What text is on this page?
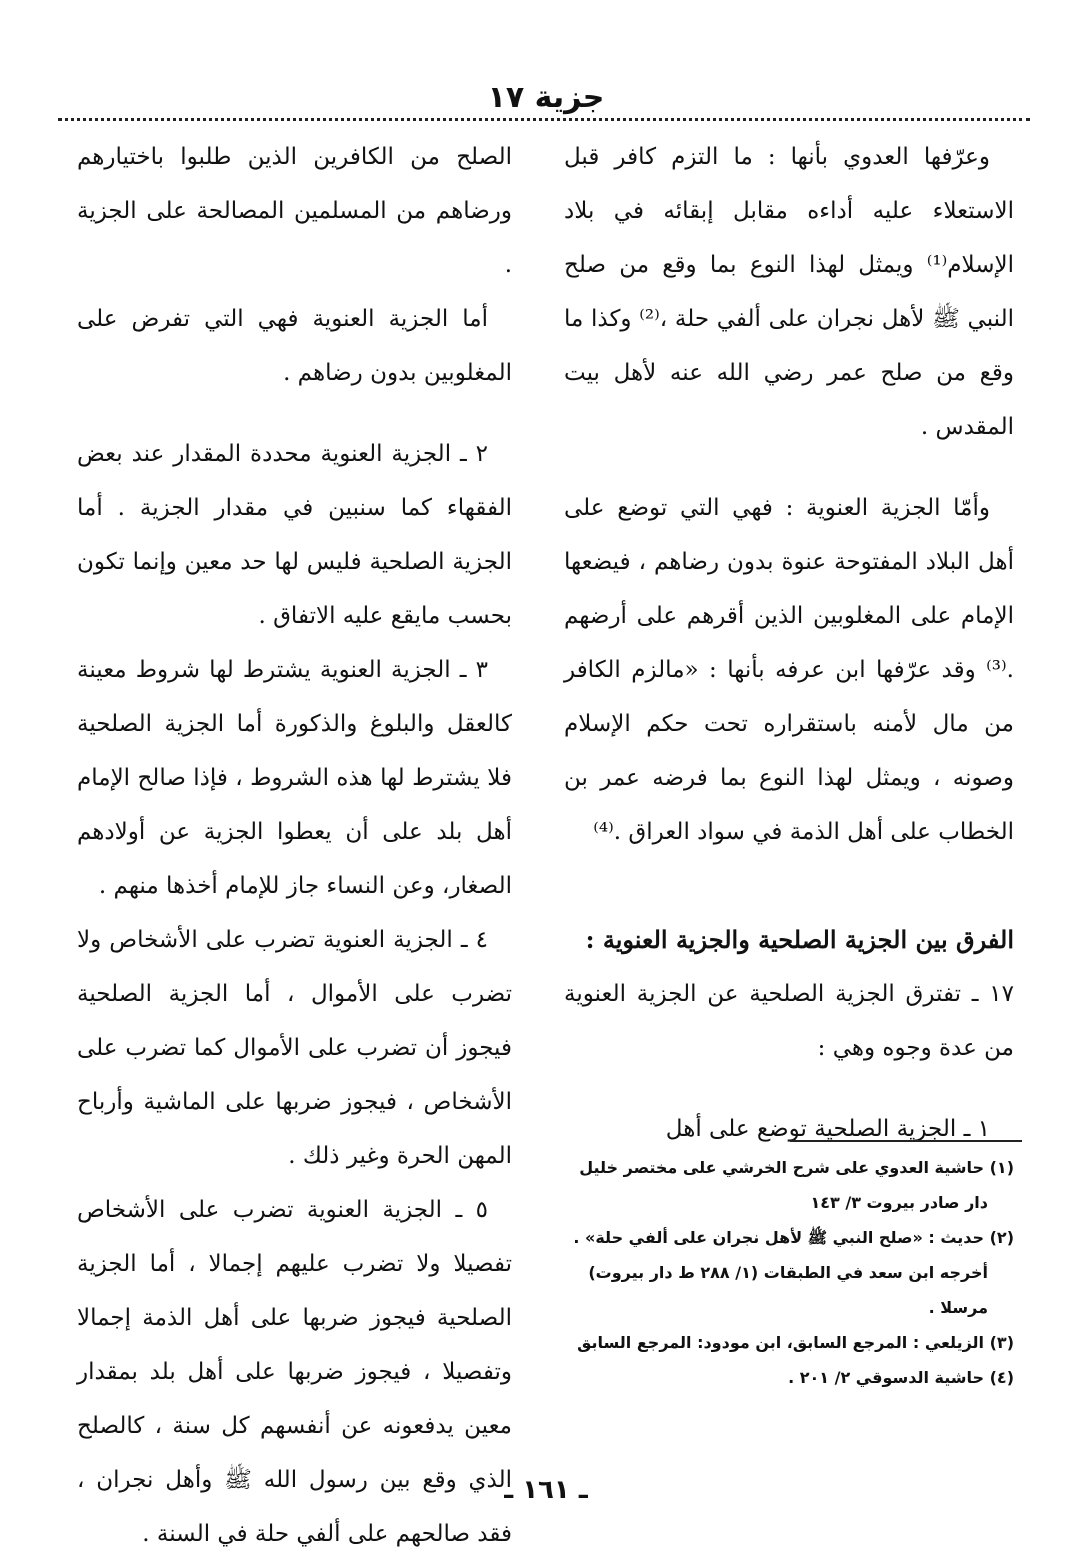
جزية ١٧

وعرّفها العدوي بأنها : ما التزم كافر قبل الاستعلاء عليه أداءه مقابل إبقائه في بلاد الإسلام⁽¹⁾ ويمثل لهذا النوع بما وقع من صلح النبي ﷺ لأهل نجران على ألفي حلة ،⁽²⁾ وكذا ما وقع من صلح عمر رضي الله عنه لأهل بيت المقدس .

وأمّا الجزية العنوية : فهي التي توضع على أهل البلاد المفتوحة عنوة بدون رضاهم ، فيضعها الإمام على المغلوبين الذين أقرهم على أرضهم .⁽³⁾ وقد عرّفها ابن عرفه بأنها : «مالزم الكافر من مال لأمنه باستقراره تحت حكم الإسلام وصونه ، ويمثل لهذا النوع بما فرضه عمر بن الخطاب على أهل الذمة في سواد العراق .⁽⁴⁾

الفرق بين الجزية الصلحية والجزية العنوية :

١٧ ـ تفترق الجزية الصلحية عن الجزية العنوية من عدة وجوه وهي :

١ ـ الجزية الصلحية توضع على أهل

الصلح من الكافرين الذين طلبوا باختيارهم ورضاهم من المسلمين المصالحة على الجزية .

أما الجزية العنوية فهي التي تفرض على المغلوبين بدون رضاهم .

٢ ـ الجزية العنوية محددة المقدار عند بعض الفقهاء كما سنبين في مقدار الجزية . أما الجزية الصلحية فليس لها حد معين وإنما تكون بحسب مايقع عليه الاتفاق .

٣ ـ الجزية العنوية يشترط لها شروط معينة كالعقل والبلوغ والذكورة أما الجزية الصلحية فلا يشترط لها هذه الشروط ، فإذا صالح الإمام أهل بلد على أن يعطوا الجزية عن أولادهم الصغار، وعن النساء جاز للإمام أخذها منهم .

٤ ـ الجزية العنوية تضرب على الأشخاص ولا تضرب على الأموال ، أما الجزية الصلحية فيجوز أن تضرب على الأموال كما تضرب على الأشخاص ، فيجوز ضربها على الماشية وأرباح المهن الحرة وغير ذلك .

٥ ـ الجزية العنوية تضرب على الأشخاص تفصيلا ولا تضرب عليهم إجمالا ، أما الجزية الصلحية فيجوز ضربها على أهل الذمة إجمالا وتفصيلا ، فيجوز ضربها على أهل بلد بمقدار معين يدفعونه عن أنفسهم كل سنة ، كالصلح الذي وقع بين رسول الله ﷺ وأهل نجران ، فقد صالحهم على ألفي حلة في السنة .

(١) حاشية العدوي على شرح الخرشي على مختصر خليل
دار صادر بيروت ٣/ ١٤٣

(٢) حديث : «صلح النبي ﷺ لأهل نجران على ألفي حلة» .
أخرجه ابن سعد في الطبقات (١/ ٢٨٨ ط دار بيروت)
مرسلا .

(٣) الزيلعي : المرجع السابق، ابن مودود: المرجع السابق

(٤) حاشية الدسوقي ٢/ ٢٠١ .

ـ ١٦١ ـ
